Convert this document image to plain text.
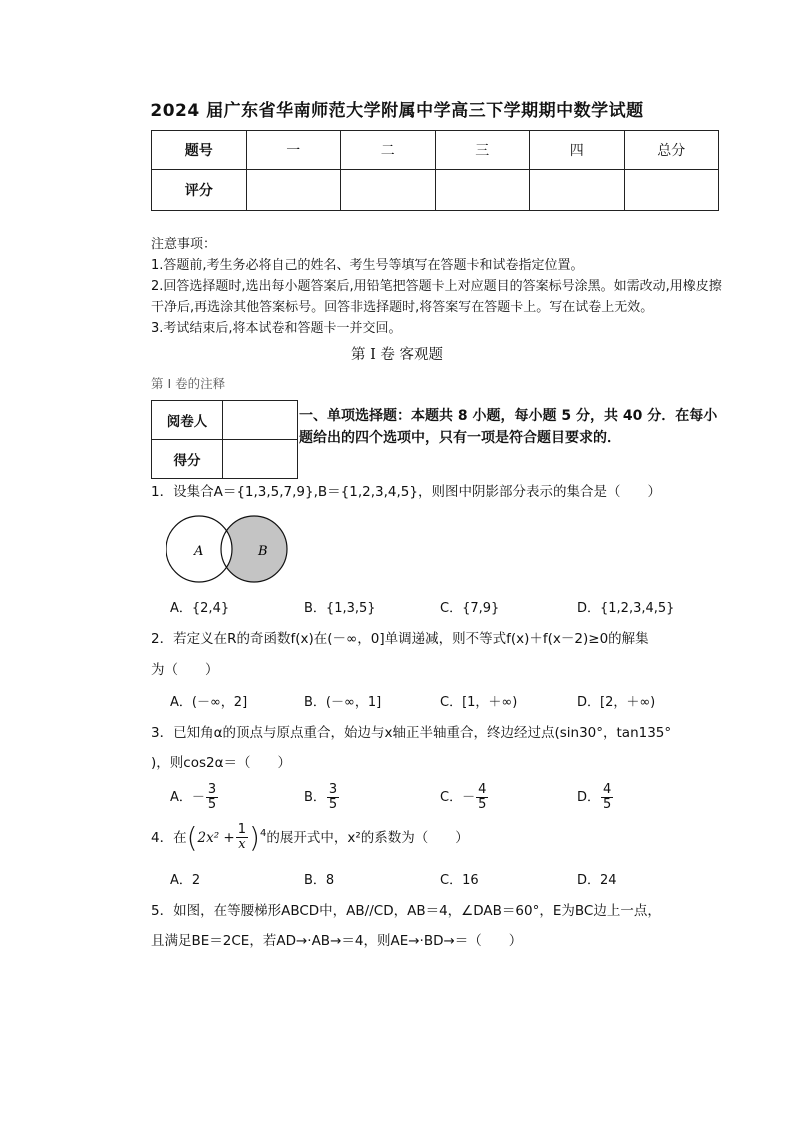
2024 届广东省华南师范大学附属中学高三下学期期中数学试题
题号	一	二	三	四	总分
评分					

注意事项：

1.答题前,考生务必将自己的姓名、考生号等填写在答题卡和试卷指定位置。

2.回答选择题时,选出每小题答案后,用铅笔把答题卡上对应题目的答案标号涂黑。如需改动,用橡皮擦干净后,再选涂其他答案标号。回答非选择题时,将答案写在答题卡上。写在试卷上无效。

3.考试结束后,将本试卷和答题卡一并交回。

第 I 卷 客观题
第 I 卷的注释
阅卷人	
得分	
一、单项选择题：本题共 8 小题，每小题 5 分，共 40 分．在每小题给出的四个选项中，只有一项是符合题目要求的．
1．设集合A＝{1,3,5,7,9},B＝{1,2,3,4,5}，则图中阴影部分表示的集合是（　　）
A	B
A．{2,4}	B．{1,3,5}	C．{7,9}	D．{1,2,3,4,5}
2．若定义在R的奇函数f(x)在(－∞，0]单调递减，则不等式f(x)＋f(x－2)≥0的解集
为（　　）
A．(－∞，2]	B．(－∞，1]	C．[1，＋∞)	D．[2，＋∞)
3．已知角α的顶点与原点重合，始边与x轴正半轴重合，终边经过点(sin30°，tan135°
)，则cos2α＝（　　）
A．－ $\frac{3}{5}$	B． $\frac{3}{5}$	C．－ $\frac{4}{5}$	D． $\frac{4}{5}$
4．在 ( $2x^2 + \frac{1}{x} )^4$ 的展开式中，x²的系数为（　　）
A．2	B．8	C．16	D．24
5．如图，在等腰梯形ABCD中，AB//CD，AB＝4，∠DAB＝60°，E为BC边上一点，
且满足BE＝2CE，若AD→·AB→＝4，则AE→·BD→＝（　　）
